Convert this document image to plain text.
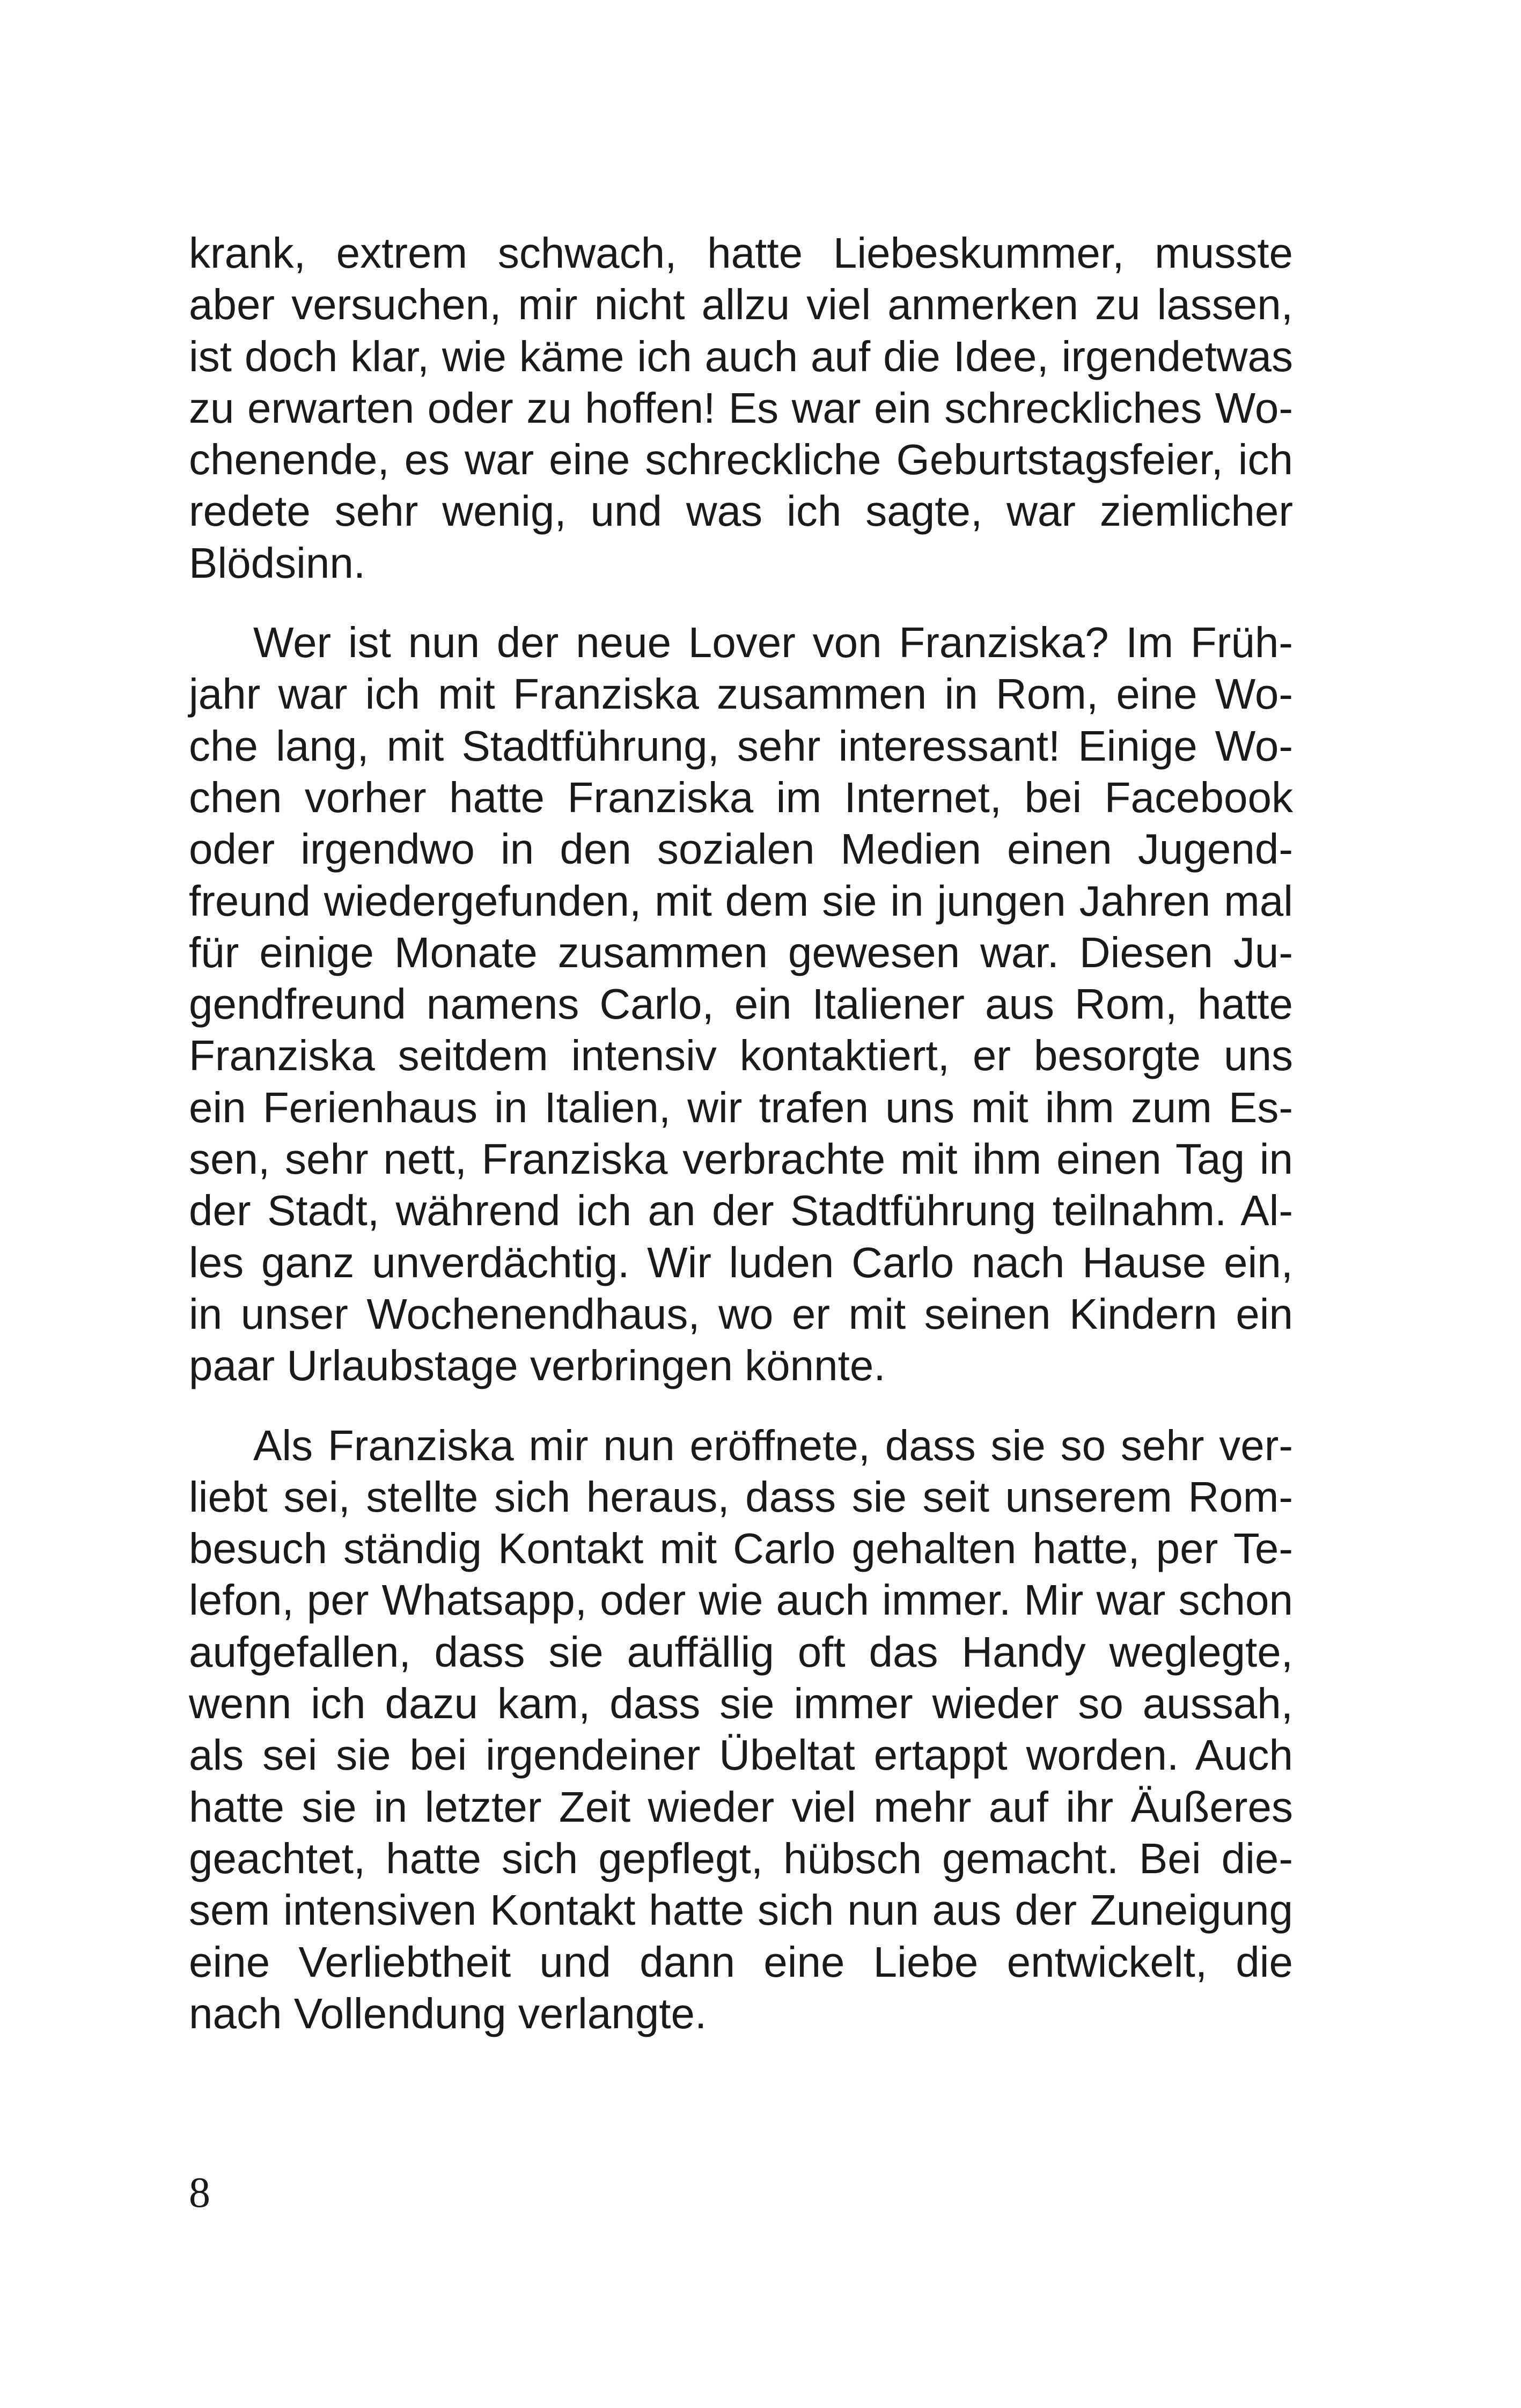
krank, extrem schwach, hatte Liebeskummer, musste
aber versuchen, mir nicht allzu viel anmerken zu lassen,
ist doch klar, wie käme ich auch auf die Idee, irgendetwas
zu erwarten oder zu hoffen! Es war ein schreckliches Wo-
chenende, es war eine schreckliche Geburtstagsfeier, ich
redete sehr wenig, und was ich sagte, war ziemlicher
Blödsinn.
Wer ist nun der neue Lover von Franziska? Im Früh-
jahr war ich mit Franziska zusammen in Rom, eine Wo-
che lang, mit Stadtführung, sehr interessant! Einige Wo-
chen vorher hatte Franziska im Internet, bei Facebook
oder irgendwo in den sozialen Medien einen Jugend-
freund wiedergefunden, mit dem sie in jungen Jahren mal
für einige Monate zusammen gewesen war. Diesen Ju-
gendfreund namens Carlo, ein Italiener aus Rom, hatte
Franziska seitdem intensiv kontaktiert, er besorgte uns
ein Ferienhaus in Italien, wir trafen uns mit ihm zum Es-
sen, sehr nett, Franziska verbrachte mit ihm einen Tag in
der Stadt, während ich an der Stadtführung teilnahm. Al-
les ganz unverdächtig. Wir luden Carlo nach Hause ein,
in unser Wochenendhaus, wo er mit seinen Kindern ein
paar Urlaubstage verbringen könnte.
Als Franziska mir nun eröffnete, dass sie so sehr ver-
liebt sei, stellte sich heraus, dass sie seit unserem Rom-
besuch ständig Kontakt mit Carlo gehalten hatte, per Te-
lefon, per Whatsapp, oder wie auch immer. Mir war schon
aufgefallen, dass sie auffällig oft das Handy weglegte,
wenn ich dazu kam, dass sie immer wieder so aussah,
als sei sie bei irgendeiner Übeltat ertappt worden. Auch
hatte sie in letzter Zeit wieder viel mehr auf ihr Äußeres
geachtet, hatte sich gepflegt, hübsch gemacht. Bei die-
sem intensiven Kontakt hatte sich nun aus der Zuneigung
eine Verliebtheit und dann eine Liebe entwickelt, die
nach Vollendung verlangte.
8
